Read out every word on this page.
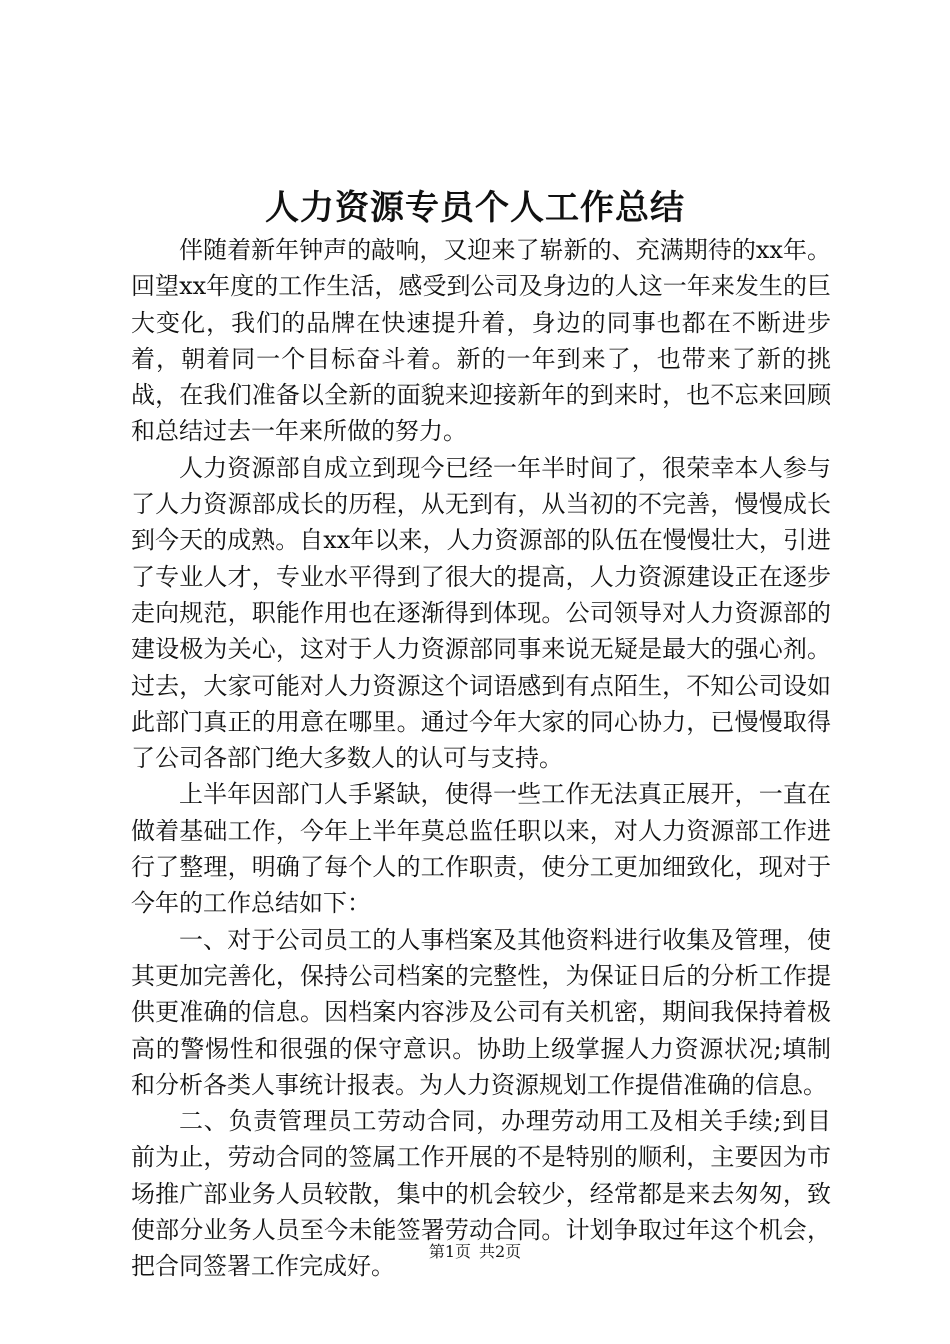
人力资源专员个人工作总结

伴随着新年钟声的敲响，又迎来了崭新的、充满期待的xx年。回望xx年度的工作生活，感受到公司及身边的人这一年来发生的巨大变化，我们的品牌在快速提升着，身边的同事也都在不断进步着，朝着同一个目标奋斗着。新的一年到来了，也带来了新的挑战，在我们准备以全新的面貌来迎接新年的到来时，也不忘来回顾和总结过去一年来所做的努力。

人力资源部自成立到现今已经一年半时间了，很荣幸本人参与了人力资源部成长的历程，从无到有，从当初的不完善，慢慢成长到今天的成熟。自xx年以来，人力资源部的队伍在慢慢壮大，引进了专业人才，专业水平得到了很大的提高，人力资源建设正在逐步走向规范，职能作用也在逐渐得到体现。公司领导对人力资源部的建设极为关心，这对于人力资源部同事来说无疑是最大的强心剂。过去，大家可能对人力资源这个词语感到有点陌生，不知公司设如此部门真正的用意在哪里。通过今年大家的同心协力，已慢慢取得了公司各部门绝大多数人的认可与支持。

上半年因部门人手紧缺，使得一些工作无法真正展开，一直在做着基础工作，今年上半年莫总监任职以来，对人力资源部工作进行了整理，明确了每个人的工作职责，使分工更加细致化，现对于今年的工作总结如下：

一、对于公司员工的人事档案及其他资料进行收集及管理，使其更加完善化，保持公司档案的完整性，为保证日后的分析工作提供更准确的信息。因档案内容涉及公司有关机密，期间我保持着极高的警惕性和很强的保守意识。协助上级掌握人力资源状况;填制和分析各类人事统计报表。为人力资源规划工作提借准确的信息。

二、负责管理员工劳动合同，办理劳动用工及相关手续;到目前为止，劳动合同的签属工作开展的不是特别的顺利，主要因为市场推广部业务人员较散，集中的机会较少，经常都是来去匆匆，致使部分业务人员至今未能签署劳动合同。计划争取过年这个机会，把合同签署工作完成好。

第1页 共2页
